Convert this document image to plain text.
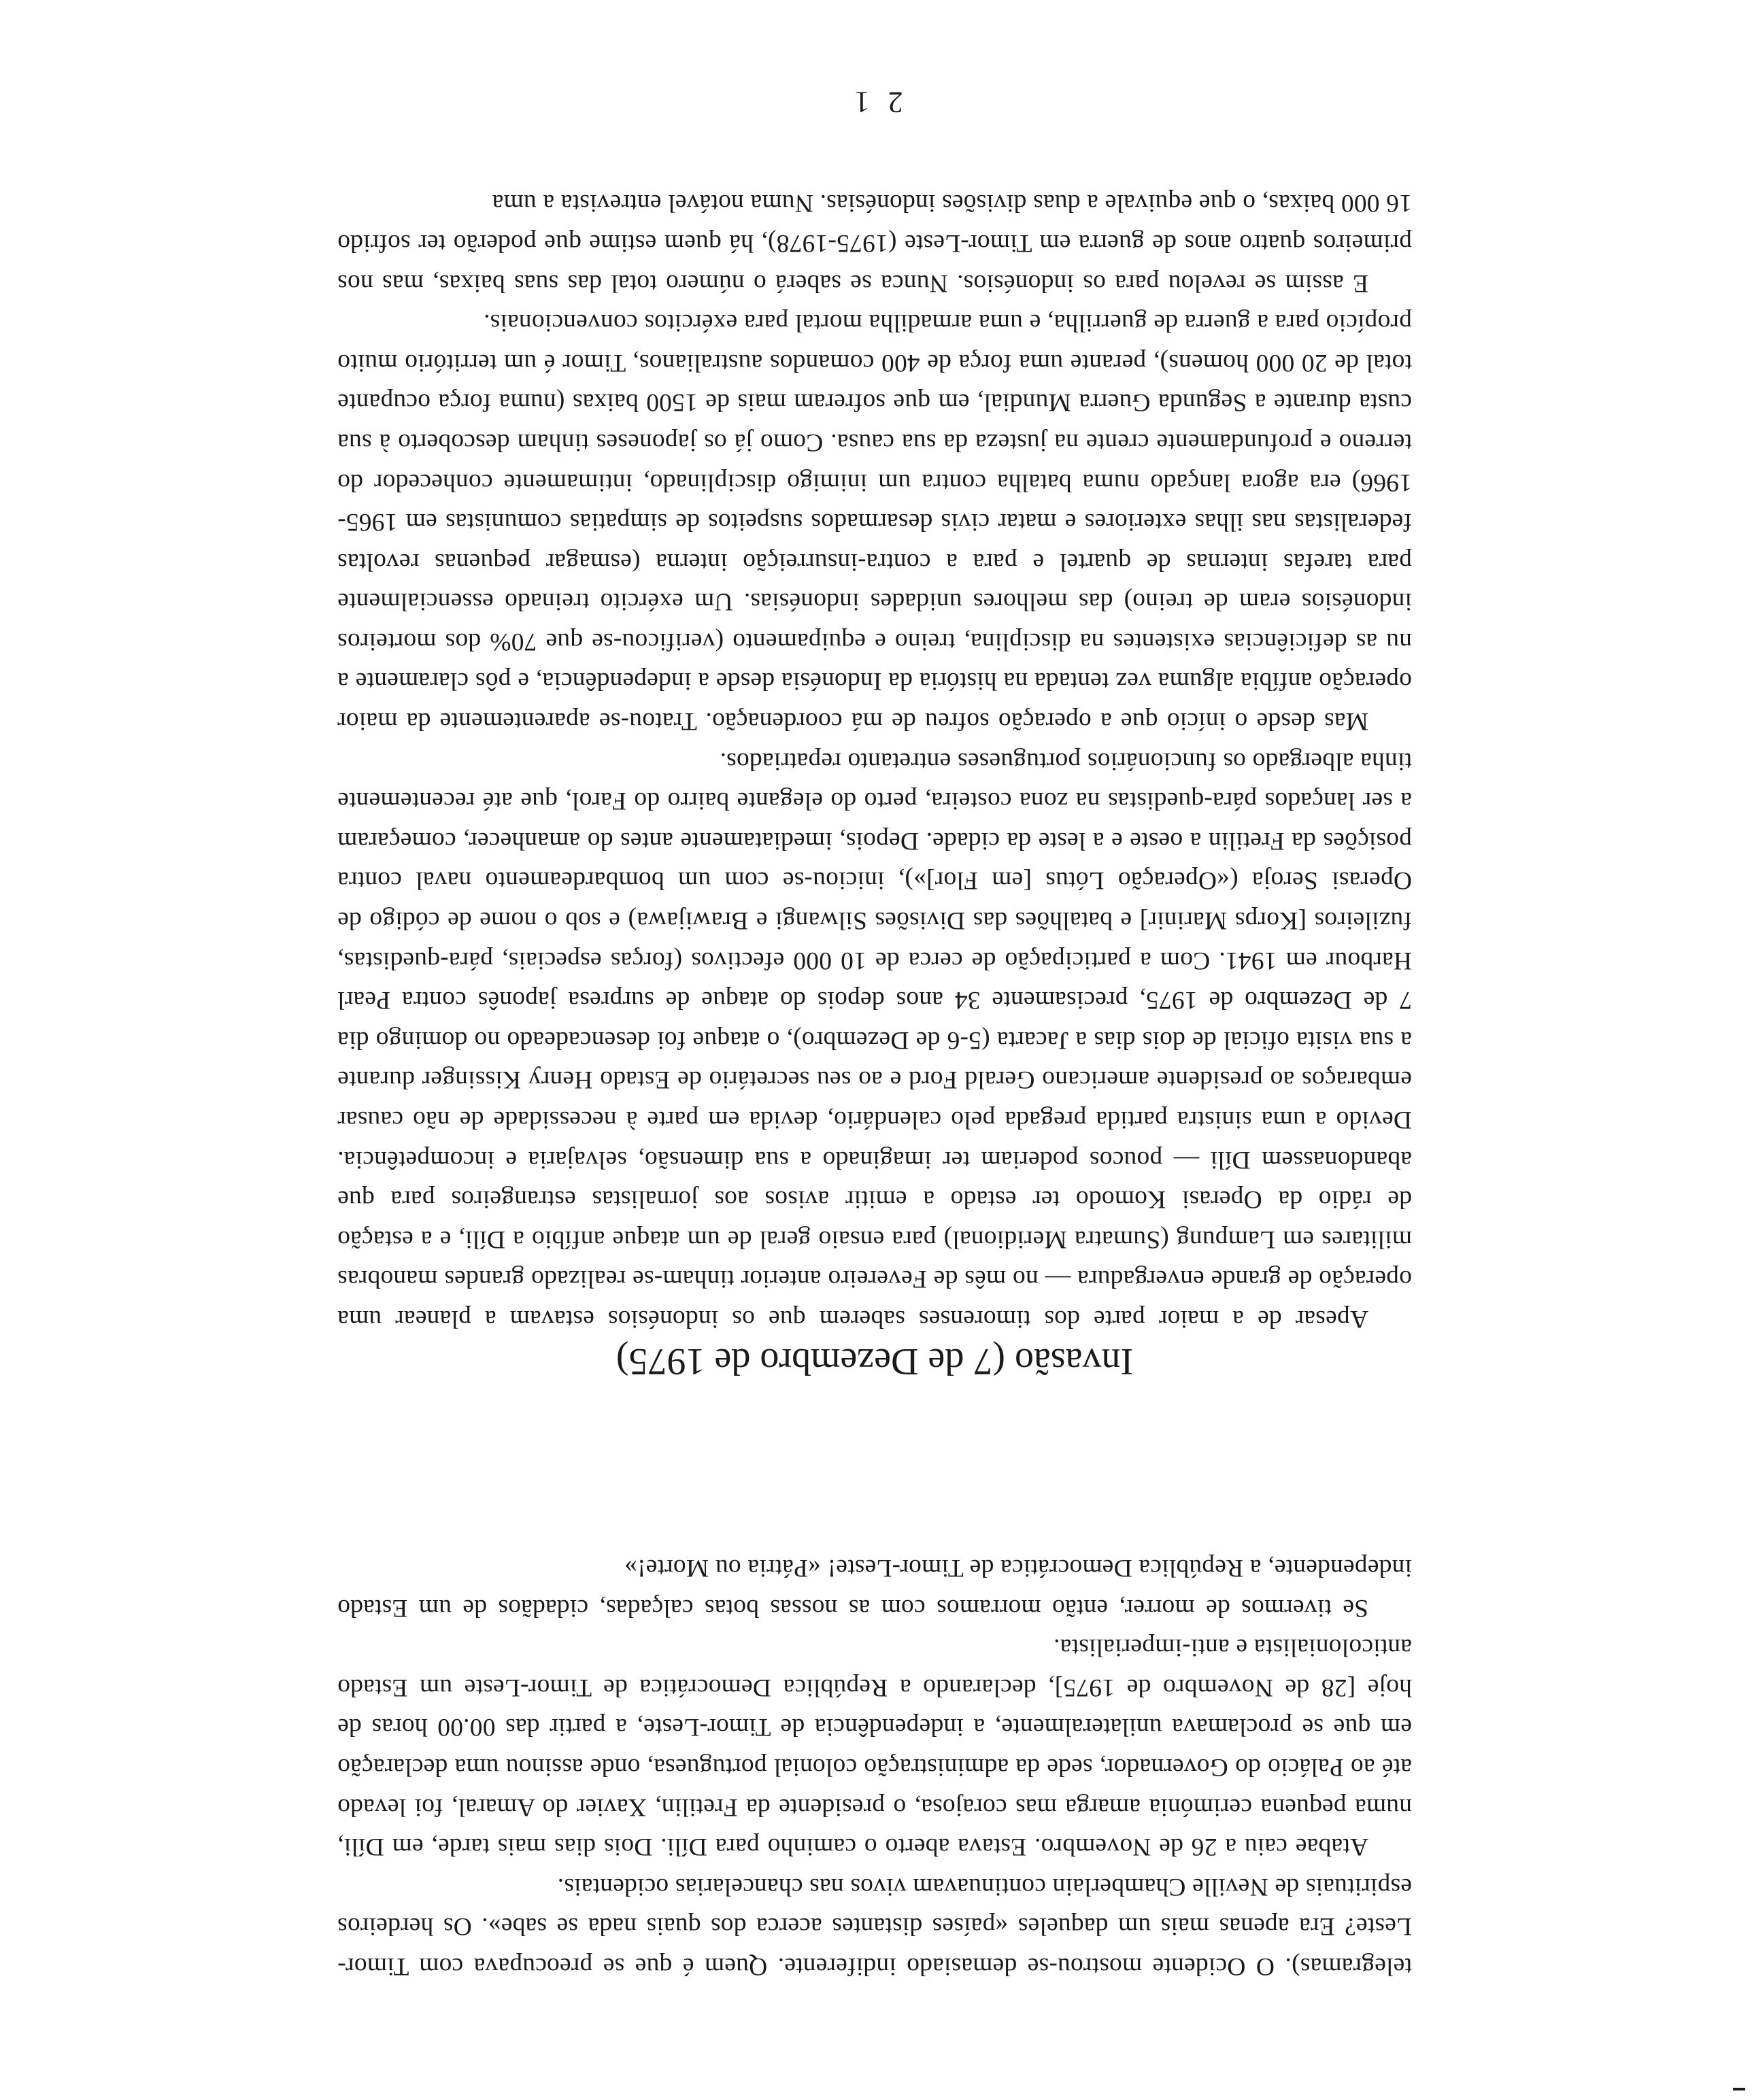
telegramas). O Ocidente mostrou-se demasiado indiferente. Quem é que se preocupava com Timor-Leste? Era apenas mais um daqueles «países distantes acerca dos quais nada se sabe». Os herdeiros espirituais de Neville Chamberlain continuavam vivos nas chancelarias ocidentais.

Atabae caiu a 26 de Novembro. Estava aberto o caminho para Díli. Dois dias mais tarde, em Díli, numa pequena cerimónia amarga mas corajosa, o presidente da Fretilin, Xavier do Amaral, foi levado até ao Palácio do Governador, sede da administração colonial portuguesa, onde assinou uma declaração em que se proclamava unilateralmente, a independência de Timor-Leste, a partir das 00.00 horas de hoje [28 de Novembro de 1975], declarando a República Democrática de Timor-Leste um Estado anticolonialista e anti-imperialista.

Se tivermos de morrer, então morramos com as nossas botas calçadas, cidadãos de um Estado independente, a República Democrática de Timor-Leste! «Pátria ou Morte!»

Invasão (7 de Dezembro de 1975)

Apesar de a maior parte dos timorenses saberem que os indonésios estavam a planear uma operação de grande envergadura — no mês de Fevereiro anterior tinham-se realizado grandes manobras militares em Lampung (Sumatra Meridional) para ensaio geral de um ataque anfíbio a Díli, e a estação de rádio da Operasi Komodo ter estado a emitir avisos aos jornalistas estrangeiros para que abandonassem Díli — poucos poderiam ter imaginado a sua dimensão, selvajaria e incompetência. Devido a uma sinistra partida pregada pelo calendário, devida em parte à necessidade de não causar embaraços ao presidente americano Gerald Ford e ao seu secretário de Estado Henry Kissinger durante a sua visita oficial de dois dias a Jacarta (5-6 de Dezembro), o ataque foi desencadeado no domingo dia 7 de Dezembro de 1975, precisamente 34 anos depois do ataque de surpresa japonês contra Pearl Harbour em 1941. Com a participação de cerca de 10 000 efectivos (forças especiais, pára-quedistas, fuzileiros [Korps Marinir] e batalhões das Divisões Silwangi e Brawijawa) e sob o nome de código de Operasi Seroja («Operação Lótus [em Flor]»), iniciou-se com um bombardeamento naval contra posições da Fretilin a oeste e a leste da cidade. Depois, imediatamente antes do amanhecer, começaram a ser lançados pára-quedistas na zona costeira, perto do elegante bairro do Farol, que até recentemente tinha albergado os funcionários portugueses entretanto repatriados.

Mas desde o início que a operação sofreu de má coordenação. Tratou-se aparentemente da maior operação anfíbia alguma vez tentada na história da Indonésia desde a independência, e pôs claramente a nu as deficiências existentes na disciplina, treino e equipamento (verificou-se que 70% dos morteiros indonésios eram de treino) das melhores unidades indonésias. Um exército treinado essencialmente para tarefas internas de quartel e para a contra-insurreição interna (esmagar pequenas revoltas federalistas nas ilhas exteriores e matar civis desarmados suspeitos de simpatias comunistas em 1965-1966) era agora lançado numa batalha contra um inimigo disciplinado, intimamente conhecedor do terreno e profundamente crente na justeza da sua causa. Como já os japoneses tinham descoberto à sua custa durante a Segunda Guerra Mundial, em que sofreram mais de 1500 baixas (numa força ocupante total de 20 000 homens), perante uma força de 400 comandos australianos, Timor é um território muito propício para a guerra de guerrilha, e uma armadilha mortal para exércitos convencionais.

E assim se revelou para os indonésios. Nunca se saberá o número total das suas baixas, mas nos primeiros quatro anos de guerra em Timor-Leste (1975-1978), há quem estime que poderão ter sofrido 16 000 baixas, o que equivale a duas divisões indonésias. Numa notável entrevista a uma

2 1
